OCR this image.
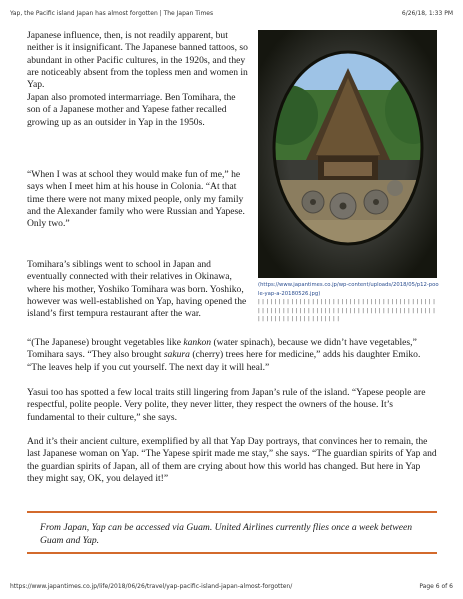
Yap, the Pacific island Japan has almost forgotten | The Japan Times	6/26/18, 1:33 PM

Japanese influence, then, is not readily apparent, but neither is it insignificant. The Japanese banned tattoos, so abundant in other Pacific cultures, in the 1920s, and they are noticeably absent from the topless men and women in Yap.

Japan also promoted intermarriage. Ben Tomihara, the son of a Japanese mother and Yapese father recalled growing up as an outsider in Yap in the 1950s.

“When I was at school they would make fun of me,” he says when I meet him at his house in Colonia. “At that time there were not many mixed people, only my family and the Alexander family who were Russian and Yapese. Only two.”

Tomihara’s siblings went to school in Japan and eventually connected with their relatives in Okinawa, where his mother, Yoshiko Tomihara was born. Yoshiko, however was well-established on Yap, having opened the island’s first tempura restaurant after the war.

(https://www.japantimes.co.jp/wp-content/uploads/2018/05/p12-poole-yap-a-20180526.jpg)
| | | | | | | | | | | | | | | | | | | | | | | | | | | | | | | | | | | | | | | | | | | | | | | | | | | | | | | | | | | | | | | | | | | | | | | | | | | | | | | | | | | | | | | | | | | | | | | | | | | | | | | | | |

“(The Japanese) brought vegetables like kankon (water spinach), because we didn’t have vegetables,” Tomihara says. “They also brought sakura (cherry) trees here for medicine,” adds his daughter Emiko. “The leaves help if you cut yourself. The next day it will heal.”

Yasui too has spotted a few local traits still lingering from Japan’s rule of the island. “Yapese people are respectful, polite people. Very polite, they never litter, they respect the owners of the house. It’s fundamental to their culture,” she says.

And it’s their ancient culture, exemplified by all that Yap Day portrays, that convinces her to remain, the last Japanese woman on Yap. “The Yapese spirit made me stay,” she says. “The guardian spirits of Yap and the guardian spirits of Japan, all of them are crying about how this world has changed. But here in Yap they might say, OK, you delayed it!”

From Japan, Yap can be accessed via Guam. United Airlines currently flies once a week between Guam and Yap.

https://www.japantimes.co.jp/life/2018/06/26/travel/yap-pacific-island-japan-almost-forgotten/	Page 6 of 6
